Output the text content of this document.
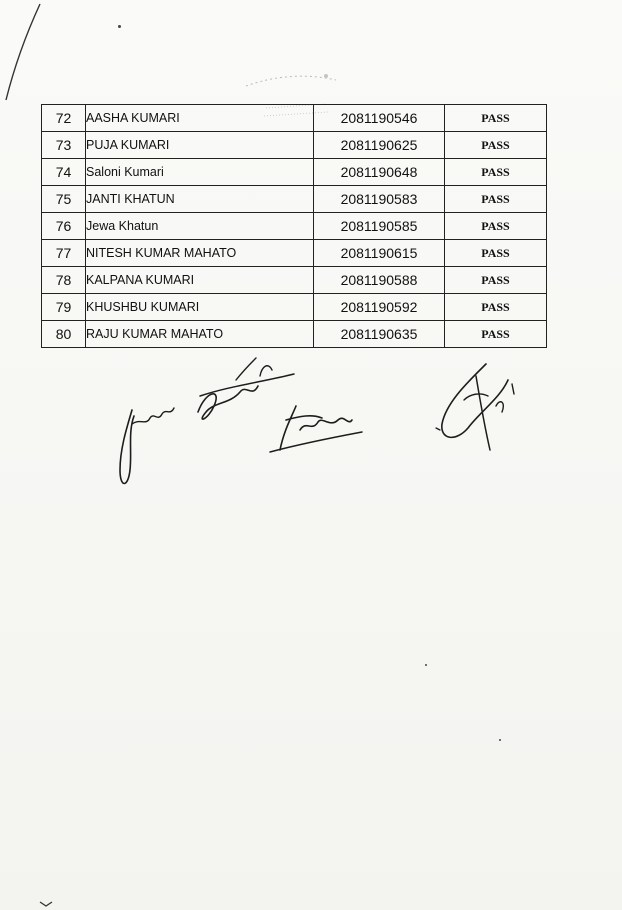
72	AASHA KUMARI	2081190546	PASS
73	PUJA KUMARI	2081190625	PASS
74	Saloni Kumari	2081190648	PASS
75	JANTI KHATUN	2081190583	PASS
76	Jewa Khatun	2081190585	PASS
77	NITESH KUMAR MAHATO	2081190615	PASS
78	KALPANA KUMARI	2081190588	PASS
79	KHUSHBU KUMARI	2081190592	PASS
80	RAJU KUMAR MAHATO	2081190635	PASS
